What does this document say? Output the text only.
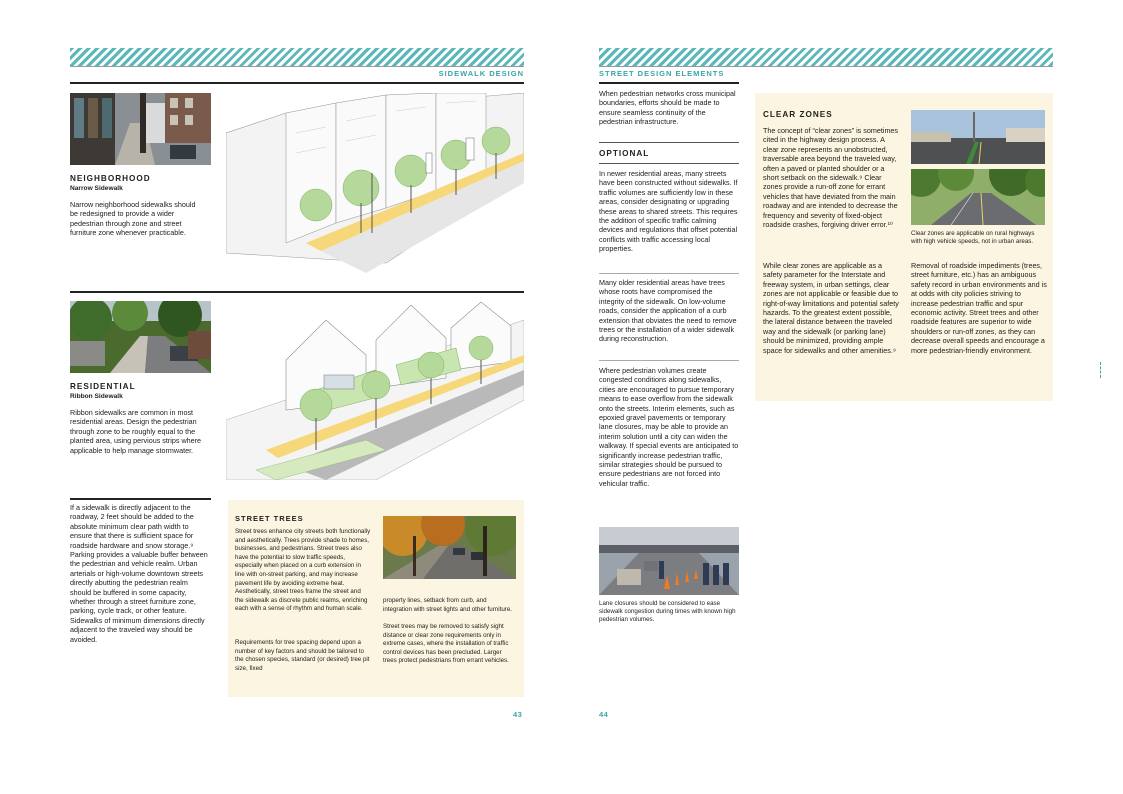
SIDEWALK DESIGN
NEIGHBORHOOD
Narrow Sidewalk
Narrow neighborhood sidewalks should be redesigned to provide a wider pedestrian through zone and street furniture zone whenever practicable.
RESIDENTIAL
Ribbon Sidewalk
Ribbon sidewalks are common in most residential areas. Design the pedestrian through zone to be roughly equal to the planted area, using pervious strips where applicable to help manage stormwater.
If a sidewalk is directly adjacent to the roadway, 2 feet should be added to the absolute minimum clear path width to ensure that there is sufficient space for roadside hardware and snow storage.⁹ Parking provides a valuable buffer between the pedestrian and vehicle realm. Urban arterials or high-volume downtown streets directly abutting the pedestrian realm should be buffered in some capacity, whether through a street furniture zone, parking, cycle track, or other feature. Sidewalks of minimum dimensions directly adjacent to the traveled way should be avoided.
STREET TREES
Street trees enhance city streets both functionally and aesthetically. Trees provide shade to homes, businesses, and pedestrians. Street trees also have the potential to slow traffic speeds, especially when placed on a curb extension in line with on-street parking, and may increase pavement life by avoiding extreme heat. Aesthetically, street trees frame the street and the sidewalk as discrete public realms, enriching each with a sense of rhythm and human scale.
Requirements for tree spacing depend upon a number of key factors and should be tailored to the chosen species, standard (or desired) tree pit size, fixed
property lines, setback from curb, and integration with street lights and other furniture.
Street trees may be removed to satisfy sight distance or clear zone requirements only in extreme cases, where the installation of traffic control devices has been precluded. Larger trees protect pedestrians from errant vehicles.
43
STREET DESIGN ELEMENTS
When pedestrian networks cross municipal boundaries, efforts should be made to ensure seamless continuity of the pedestrian infrastructure.
OPTIONAL
In newer residential areas, many streets have been constructed without sidewalks. If traffic volumes are sufficiently low in these areas, consider designating or upgrading these areas to shared streets. This requires the addition of specific traffic calming devices and regulations that offset potential conflicts with traffic accessing local properties.
Many older residential areas have trees whose roots have compromised the integrity of the sidewalk. On low-volume roads, consider the application of a curb extension that obviates the need to remove trees or the installation of a wider sidewalk during reconstruction.
Where pedestrian volumes create congested conditions along sidewalks, cities are encouraged to pursue temporary means to ease overflow from the sidewalk onto the streets. Interim elements, such as epoxied gravel pavements or temporary lane closures, may be able to provide an interim solution until a city can widen the walkway. If special events are anticipated to significantly increase pedestrian traffic, similar strategies should be pursued to ensure pedestrians are not forced into vehicular traffic.
Lane closures should be considered to ease sidewalk congestion during times with known high pedestrian volumes.
CLEAR ZONES
The concept of “clear zones” is sometimes cited in the highway design process. A clear zone represents an unobstructed, traversable area beyond the traveled way, often a paved or planted shoulder or a short setback on the sidewalk.⁹ Clear zones provide a run-off zone for errant vehicles that have deviated from the main roadway and are intended to decrease the frequency and severity of fixed-object roadside crashes, forgiving driver error.¹⁰
While clear zones are applicable as a safety parameter for the Interstate and freeway system, in urban settings, clear zones are not applicable or feasible due to right-of-way limitations and potential safety hazards. To the greatest extent possible, the lateral distance between the traveled way and the sidewalk (or parking lane) should be minimized, providing ample space for sidewalks and other amenities.⁹
Clear zones are applicable on rural highways with high vehicle speeds, not in urban areas.
Removal of roadside impediments (trees, street furniture, etc.) has an ambiguous safety record in urban environments and is at odds with city policies striving to increase pedestrian traffic and spur economic activity. Street trees and other roadside features are superior to wide shoulders or run-off zones, as they can decrease overall speeds and encourage a more pedestrian-friendly environment.
44
